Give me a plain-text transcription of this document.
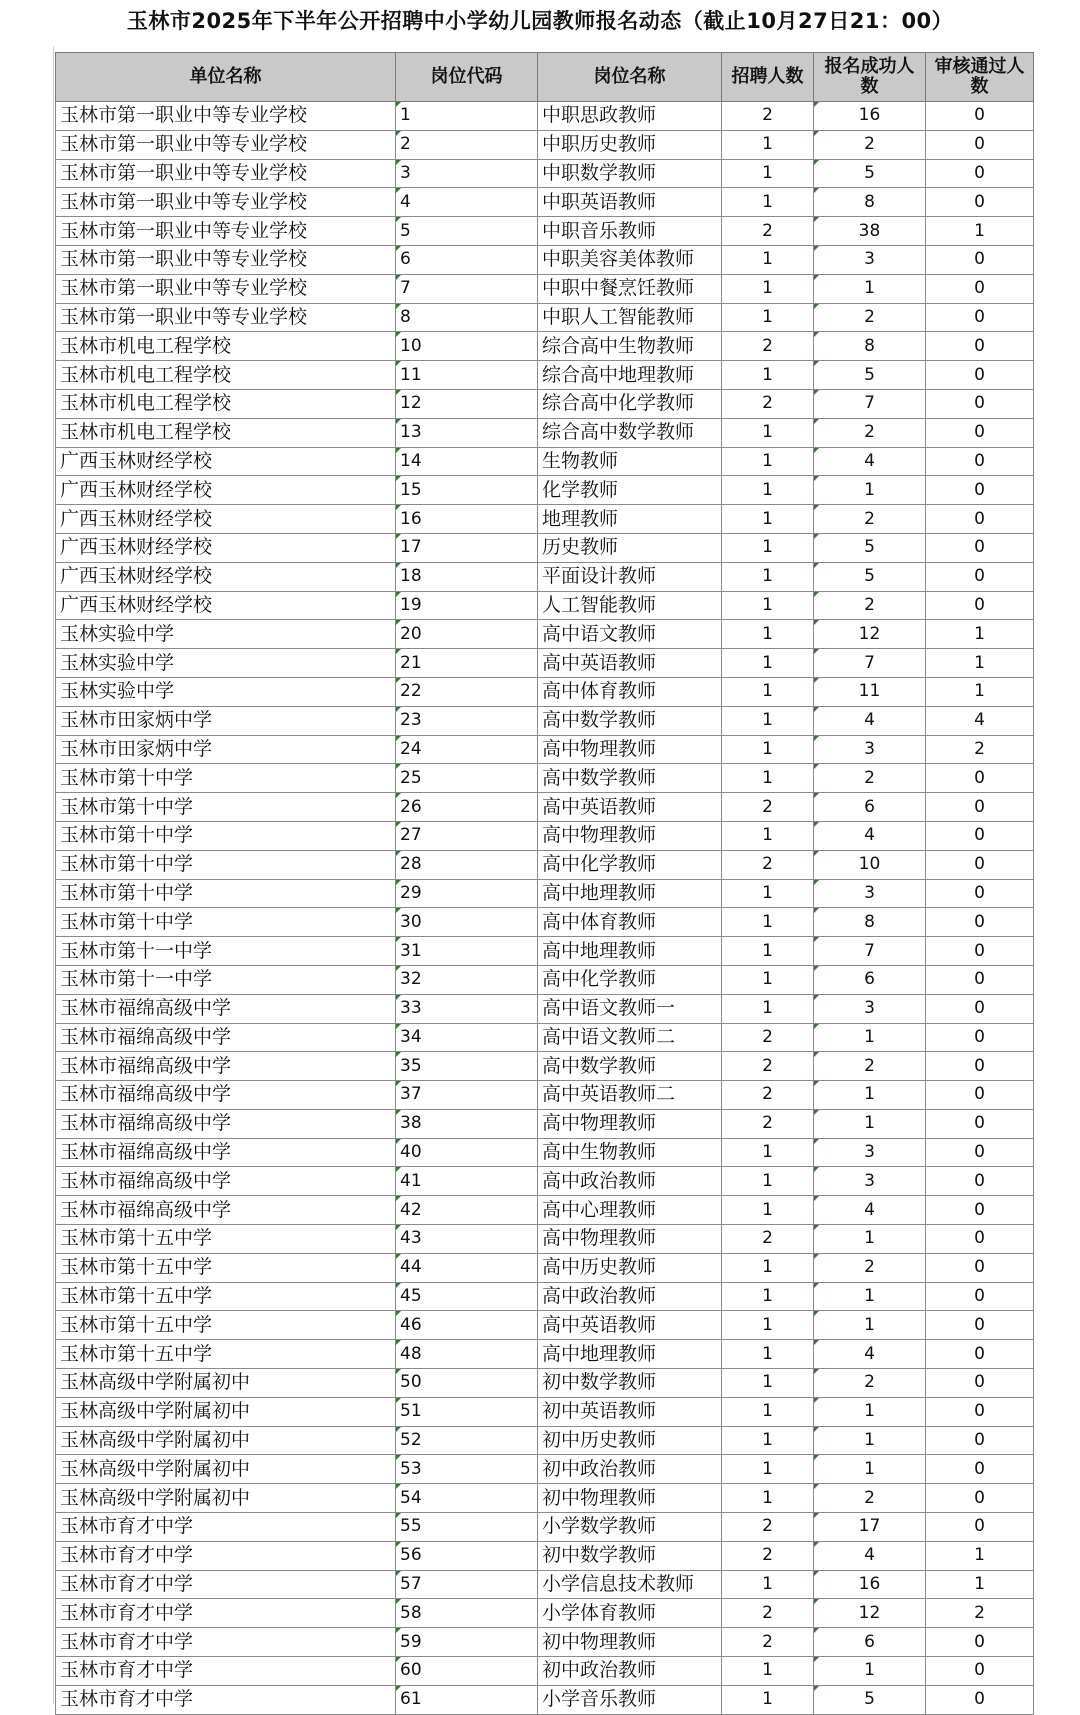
玉林市2025年下半年公开招聘中小学幼儿园教师报名动态（截止10月27日21：00）
单位名称	岗位代码	岗位名称	招聘人数	报名成功人数	审核通过人数
玉林市第一职业中等专业学校	1	中职思政教师	2	16	0
玉林市第一职业中等专业学校	2	中职历史教师	1	2	0
玉林市第一职业中等专业学校	3	中职数学教师	1	5	0
玉林市第一职业中等专业学校	4	中职英语教师	1	8	0
玉林市第一职业中等专业学校	5	中职音乐教师	2	38	1
玉林市第一职业中等专业学校	6	中职美容美体教师	1	3	0
玉林市第一职业中等专业学校	7	中职中餐烹饪教师	1	1	0
玉林市第一职业中等专业学校	8	中职人工智能教师	1	2	0
玉林市机电工程学校	10	综合高中生物教师	2	8	0
玉林市机电工程学校	11	综合高中地理教师	1	5	0
玉林市机电工程学校	12	综合高中化学教师	2	7	0
玉林市机电工程学校	13	综合高中数学教师	1	2	0
广西玉林财经学校	14	生物教师	1	4	0
广西玉林财经学校	15	化学教师	1	1	0
广西玉林财经学校	16	地理教师	1	2	0
广西玉林财经学校	17	历史教师	1	5	0
广西玉林财经学校	18	平面设计教师	1	5	0
广西玉林财经学校	19	人工智能教师	1	2	0
玉林实验中学	20	高中语文教师	1	12	1
玉林实验中学	21	高中英语教师	1	7	1
玉林实验中学	22	高中体育教师	1	11	1
玉林市田家炳中学	23	高中数学教师	1	4	4
玉林市田家炳中学	24	高中物理教师	1	3	2
玉林市第十中学	25	高中数学教师	1	2	0
玉林市第十中学	26	高中英语教师	2	6	0
玉林市第十中学	27	高中物理教师	1	4	0
玉林市第十中学	28	高中化学教师	2	10	0
玉林市第十中学	29	高中地理教师	1	3	0
玉林市第十中学	30	高中体育教师	1	8	0
玉林市第十一中学	31	高中地理教师	1	7	0
玉林市第十一中学	32	高中化学教师	1	6	0
玉林市福绵高级中学	33	高中语文教师一	1	3	0
玉林市福绵高级中学	34	高中语文教师二	2	1	0
玉林市福绵高级中学	35	高中数学教师	2	2	0
玉林市福绵高级中学	37	高中英语教师二	2	1	0
玉林市福绵高级中学	38	高中物理教师	2	1	0
玉林市福绵高级中学	40	高中生物教师	1	3	0
玉林市福绵高级中学	41	高中政治教师	1	3	0
玉林市福绵高级中学	42	高中心理教师	1	4	0
玉林市第十五中学	43	高中物理教师	2	1	0
玉林市第十五中学	44	高中历史教师	1	2	0
玉林市第十五中学	45	高中政治教师	1	1	0
玉林市第十五中学	46	高中英语教师	1	1	0
玉林市第十五中学	48	高中地理教师	1	4	0
玉林高级中学附属初中	50	初中数学教师	1	2	0
玉林高级中学附属初中	51	初中英语教师	1	1	0
玉林高级中学附属初中	52	初中历史教师	1	1	0
玉林高级中学附属初中	53	初中政治教师	1	1	0
玉林高级中学附属初中	54	初中物理教师	1	2	0
玉林市育才中学	55	小学数学教师	2	17	0
玉林市育才中学	56	初中数学教师	2	4	1
玉林市育才中学	57	小学信息技术教师	1	16	1
玉林市育才中学	58	小学体育教师	2	12	2
玉林市育才中学	59	初中物理教师	2	6	0
玉林市育才中学	60	初中政治教师	1	1	0
玉林市育才中学	61	小学音乐教师	1	5	0
